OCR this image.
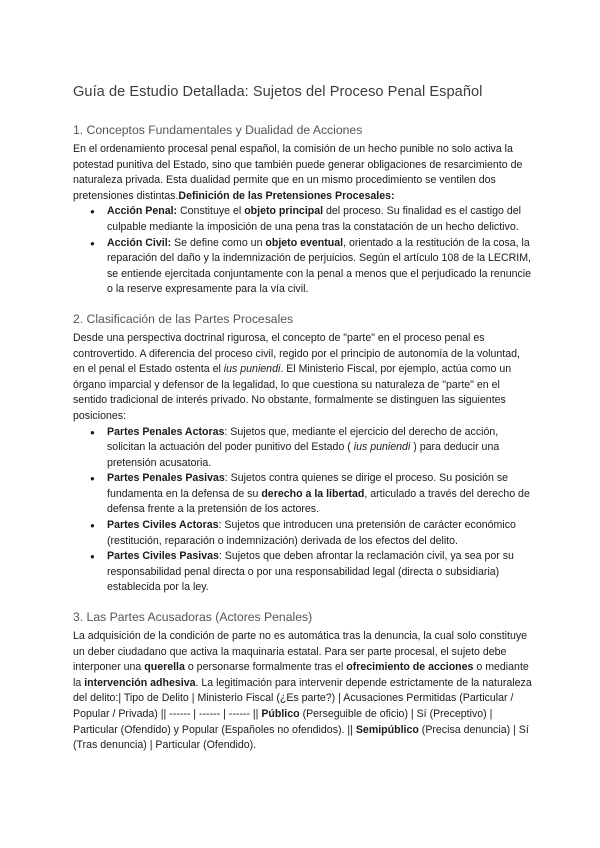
Guía de Estudio Detallada: Sujetos del Proceso Penal Español
1. Conceptos Fundamentales y Dualidad de Acciones

En el ordenamiento procesal penal español, la comisión de un hecho punible no solo activa la potestad punitiva del Estado, sino que también puede generar obligaciones de resarcimiento de naturaleza privada. Esta dualidad permite que en un mismo procedimiento se ventilen dos pretensiones distintas.Definición de las Pretensiones Procesales:

● Acción Penal: Constituye el objeto principal del proceso. Su finalidad es el castigo del culpable mediante la imposición de una pena tras la constatación de un hecho delictivo.
● Acción Civil: Se define como un objeto eventual, orientado a la restitución de la cosa, la reparación del daño y la indemnización de perjuicios. Según el artículo 108 de la LECRIM, se entiende ejercitada conjuntamente con la penal a menos que el perjudicado la renuncie o la reserve expresamente para la vía civil.
2. Clasificación de las Partes Procesales

Desde una perspectiva doctrinal rigurosa, el concepto de "parte" en el proceso penal es controvertido. A diferencia del proceso civil, regido por el principio de autonomía de la voluntad, en el penal el Estado ostenta el ius puniendi. El Ministerio Fiscal, por ejemplo, actúa como un órgano imparcial y defensor de la legalidad, lo que cuestiona su naturaleza de "parte" en el sentido tradicional de interés privado. No obstante, formalmente se distinguen las siguientes posiciones:

● Partes Penales Actoras: Sujetos que, mediante el ejercicio del derecho de acción, solicitan la actuación del poder punitivo del Estado ( ius puniendi ) para deducir una pretensión acusatoria.
● Partes Penales Pasivas: Sujetos contra quienes se dirige el proceso. Su posición se fundamenta en la defensa de su derecho a la libertad, articulado a través del derecho de defensa frente a la pretensión de los actores.
● Partes Civiles Actoras: Sujetos que introducen una pretensión de carácter económico (restitución, reparación o indemnización) derivada de los efectos del delito.
● Partes Civiles Pasivas: Sujetos que deben afrontar la reclamación civil, ya sea por su responsabilidad penal directa o por una responsabilidad legal (directa o subsidiaria) establecida por la ley.
3. Las Partes Acusadoras (Actores Penales)

La adquisición de la condición de parte no es automática tras la denuncia, la cual solo constituye un deber ciudadano que activa la maquinaria estatal. Para ser parte procesal, el sujeto debe interponer una querella o personarse formalmente tras el ofrecimiento de acciones o mediante la intervención adhesiva. La legitimación para intervenir depende estrictamente de la naturaleza del delito:| Tipo de Delito | Ministerio Fiscal (¿Es parte?) | Acusaciones Permitidas (Particular / Popular / Privada) || ------ | ------ | ------ || Público (Perseguible de oficio) | Sí (Preceptivo) | Particular (Ofendido) y Popular (Españoles no ofendidos). || Semipúblico (Precisa denuncia) | Sí (Tras denuncia) | Particular (Ofendido).
